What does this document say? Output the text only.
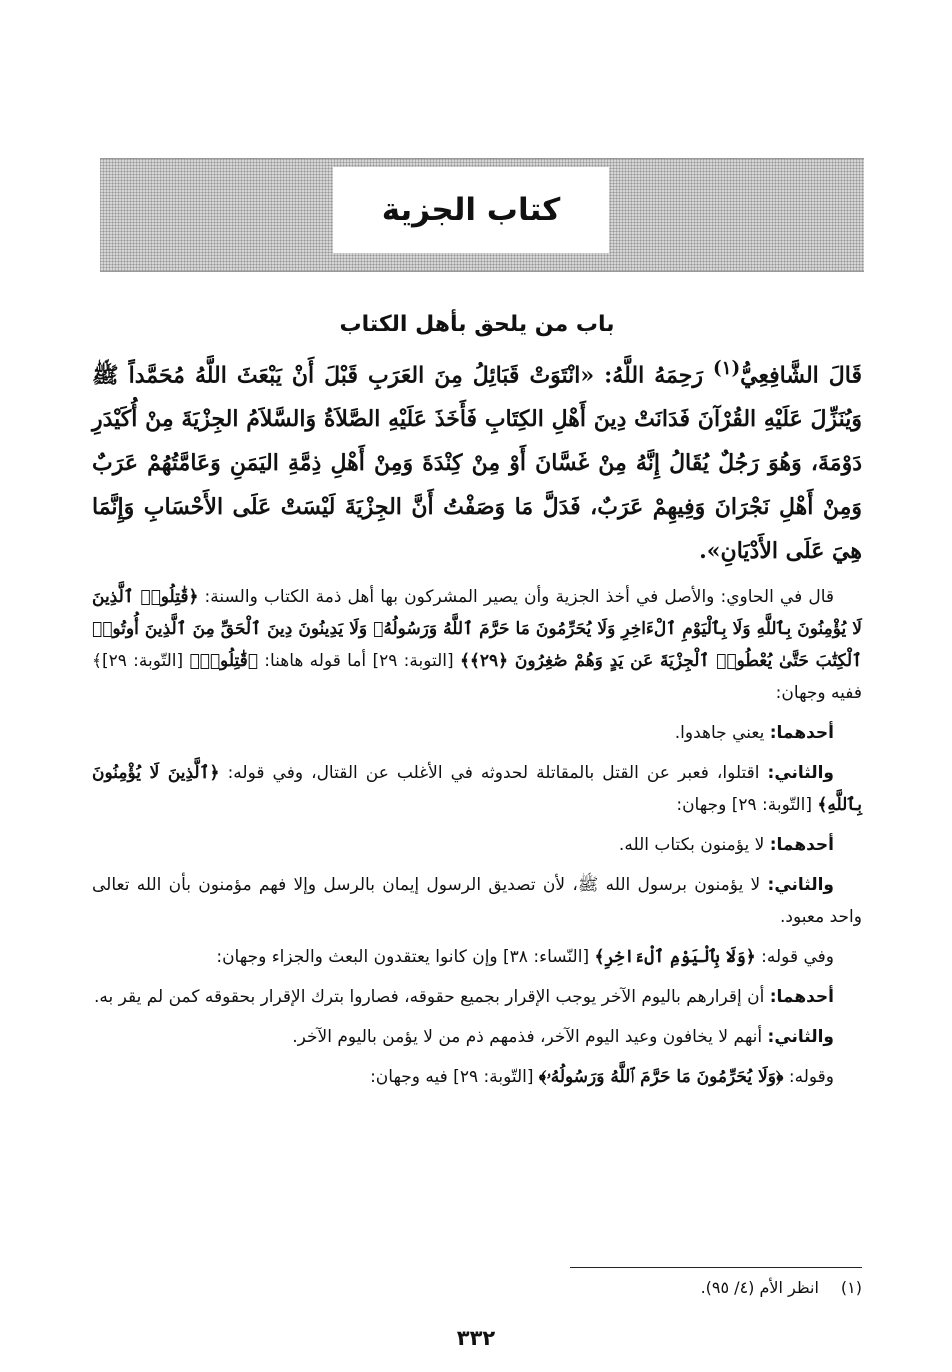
كتاب الجزية
باب من يلحق بأهل الكتاب
قَالَ الشَّافِعِيُّ$^{(١)}$ رَحِمَهُ اللَّهُ: «انْتَوَتْ قَبَائِلُ مِنَ العَرَبِ قَبْلَ أَنْ يَبْعَثَ اللَّهُ مُحَمَّداً ﷺ وَيُنَزِّلَ عَلَيْهِ القُرْآنَ فَدَانَتْ دِينَ أَهْلِ الكِتَابِ فَأَخَذَ عَلَيْهِ الصَّلاَةُ وَالسَّلاَمُ الجِزْيَةَ مِنْ أُكَيْدَرِ دَوْمَةَ، وَهُوَ رَجُلٌ يُقَالُ إِنَّهُ مِنْ غَسَّانَ أَوْ مِنْ كِنْدَةَ وَمِنْ أَهْلِ ذِمَّةِ اليَمَنِ وَعَامَّتُهُمْ عَرَبٌ وَمِنْ أَهْلِ نَجْرَانَ وَفِيهِمْ عَرَبٌ، فَدَلَّ مَا وَصَفْتُ أَنَّ الجِزْيَةَ لَيْسَتْ عَلَى الأَحْسَابِ وَإِنَّمَا هِيَ عَلَى الأَدْيَانِ».

قال في الحاوي: والأصل في أخذ الجزية وأن يصير المشركون بها أهل ذمة الكتاب والسنة: ﴿قَٰتِلُوا۟ ٱلَّذِينَ لَا يُؤْمِنُونَ بِٱللَّهِ وَلَا بِٱلْيَوْمِ ٱلْءَاخِرِ وَلَا يُحَرِّمُونَ مَا حَرَّمَ ٱللَّهُ وَرَسُولُهُۥ وَلَا يَدِينُونَ دِينَ ٱلْحَقِّ مِنَ ٱلَّذِينَ أُوتُوا۟ ٱلْكِتَٰبَ حَتَّىٰ يُعْطُوا۟ ٱلْجِزْيَةَ عَن يَدٍ وَهُمْ صَٰغِرُونَ ﴿٢٩﴾﴾ [التوبة: ٢٩] أما قوله هاهنا: ﴿قَٰتِلُوا۟﴾ [التّوبة: ٢٩]﴾ ففيه وجهان:

أحدهما: يعني جاهدوا.

والثاني: اقتلوا، فعبر عن القتل بالمقاتلة لحدوثه في الأغلب عن القتال، وفي قوله: ﴿ٱلَّذِينَ لَا يُؤْمِنُونَ بِٱللَّهِ﴾ [التّوبة: ٢٩] وجهان:

أحدهما: لا يؤمنون بكتاب الله.

والثاني: لا يؤمنون برسول الله ﷺ، لأن تصديق الرسول إيمان بالرسل وإلا فهم مؤمنون بأن الله تعالى واحد معبود.

وفي قوله: ﴿وَلَا بِٱلْيَوْمِ ٱلْءَاخِرِ﴾ [النّساء: ٣٨] وإن كانوا يعتقدون البعث والجزاء وجهان:

أحدهما: أن إقرارهم باليوم الآخر يوجب الإقرار بجميع حقوقه، فصاروا بترك الإقرار بحقوقه كمن لم يقر به.

والثاني: أنهم لا يخافون وعيد اليوم الآخر، فذمهم ذم من لا يؤمن باليوم الآخر.

وقوله: ﴿وَلَا يُحَرِّمُونَ مَا حَرَّمَ ٱللَّهُ وَرَسُولُهُۥ﴾ [التّوبة: ٢٩] فيه وجهان:

(١)انظر الأم (٤/ ٩٥).
٣٣٢
